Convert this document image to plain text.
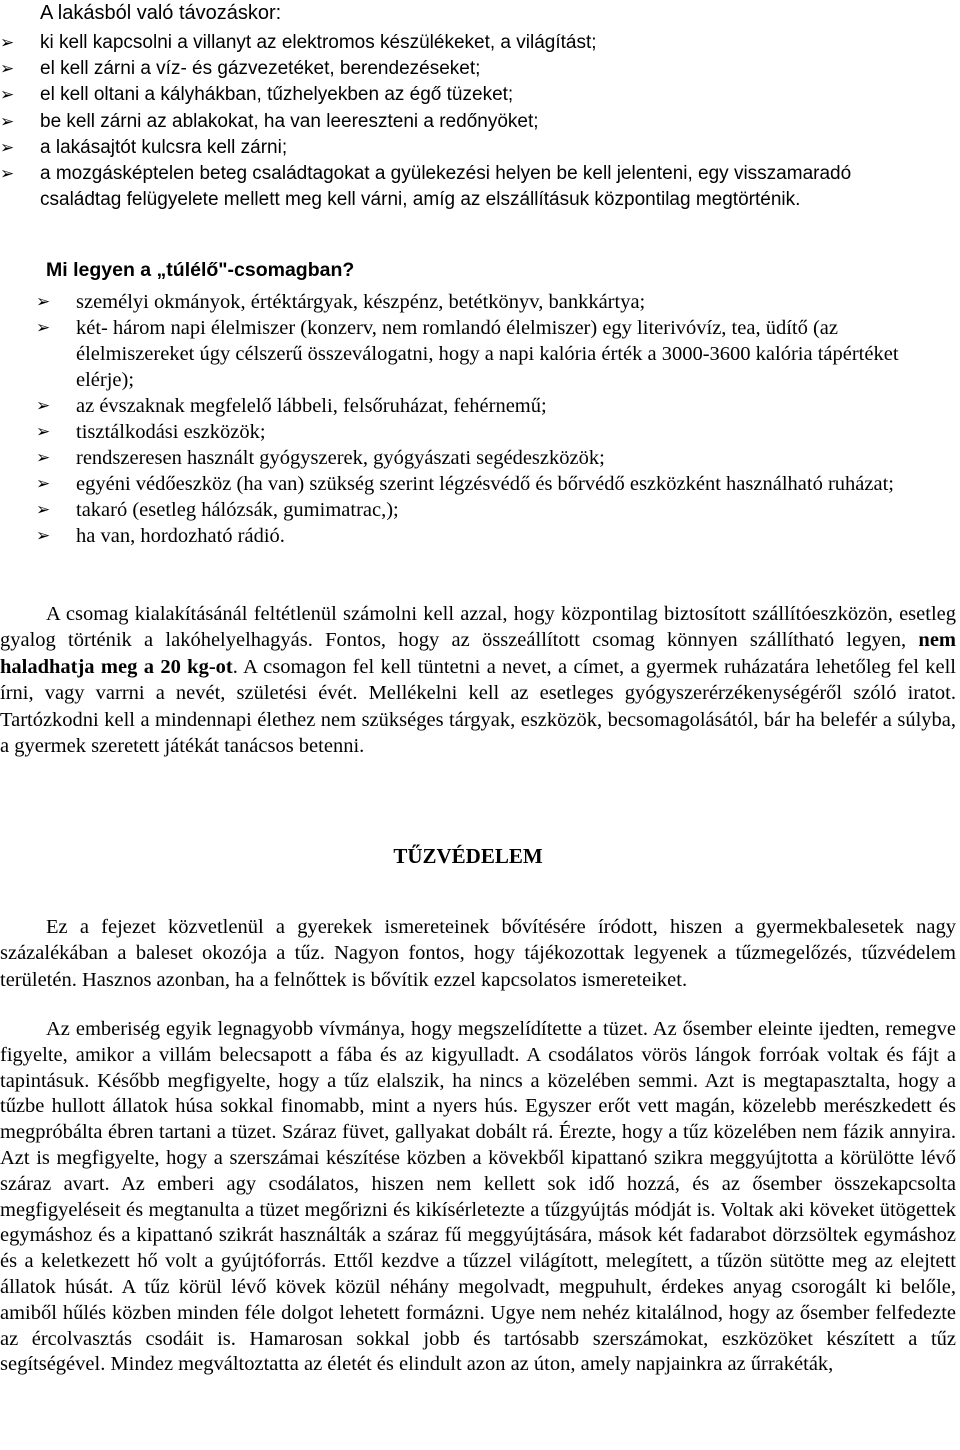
A lakásból való távozáskor:
➢ ki kell kapcsolni a villanyt az elektromos készülékeket, a világítást;
➢ el kell zárni a víz- és gázvezetéket, berendezéseket;
➢ el kell oltani a kályhákban, tűzhelyekben az égő tüzeket;
➢ be kell zárni az ablakokat, ha van leereszteni a redőnyöket;
➢ a lakásajtót kulcsra kell zárni;
➢ a mozgásképtelen beteg családtagokat a gyülekezési helyen be kell jelenteni, egy visszamaradó családtag felügyelete mellett meg kell várni, amíg az elszállításuk központilag megtörténik.
Mi legyen a „túlélő"-csomagban?
➢ személyi okmányok, értéktárgyak, készpénz, betétkönyv, bankkártya;
➢ két- három napi élelmiszer (konzerv, nem romlandó élelmiszer) egy literivóvíz, tea, üdítő (az élelmiszereket úgy célszerű összeválogatni, hogy a napi kalória érték a 3000-3600 kalória tápértéket elérje);
➢ az évszaknak megfelelő lábbeli, felsőruházat, fehérnemű;
➢ tisztálkodási eszközök;
➢ rendszeresen használt gyógyszerek, gyógyászati segédeszközök;
➢ egyéni védőeszköz (ha van) szükség szerint légzésvédő és bőrvédő eszközként használható ruházat;
➢ takaró (esetleg hálózsák, gumimatrac,);
➢ ha van, hordozható rádió.

A csomag kialakításánál feltétlenül számolni kell azzal, hogy központilag biztosított szállítóeszközön, esetleg gyalog történik a lakóhelyelhagyás. Fontos, hogy az összeállított csomag könnyen szállítható legyen, nem haladhatja meg a 20 kg-ot. A csomagon fel kell tüntetni a nevet, a címet, a gyermek ruházatára lehetőleg fel kell írni, vagy varrni a nevét, születési évét. Mellékelni kell az esetleges gyógyszerérzékenységéről szóló iratot. Tartózkodni kell a mindennapi élethez nem szükséges tárgyak, eszközök, becsomagolásától, bár ha belefér a súlyba, a gyermek szeretett játékát tanácsos betenni.

TŰZVÉDELEM

Ez a fejezet közvetlenül a gyerekek ismereteinek bővítésére íródott, hiszen a gyermekbalesetek nagy százalékában a baleset okozója a tűz. Nagyon fontos, hogy tájékozottak legyenek a tűzmegelőzés, tűzvédelem területén. Hasznos azonban, ha a felnőttek is bővítik ezzel kapcsolatos ismereteiket.

Az emberiség egyik legnagyobb vívmánya, hogy megszelídítette a tüzet. Az ősember eleinte ijedten, remegve figyelte, amikor a villám belecsapott a fába és az kigyulladt. A csodálatos vörös lángok forróak voltak és fájt a tapintásuk. Később megfigyelte, hogy a tűz elalszik, ha nincs a közelében semmi. Azt is megtapasztalta, hogy a tűzbe hullott állatok húsa sokkal finomabb, mint a nyers hús. Egyszer erőt vett magán, közelebb merészkedett és megpróbálta ébren tartani a tüzet. Száraz füvet, gallyakat dobált rá. Érezte, hogy a tűz közelében nem fázik annyira. Azt is megfigyelte, hogy a szerszámai készítése közben a kövekből kipattanó szikra meggyújtotta a körülötte lévő száraz avart. Az emberi agy csodálatos, hiszen nem kellett sok idő hozzá, és az ősember összekapcsolta megfigyeléseit és megtanulta a tüzet megőrizni és kikísérletezte a tűzgyújtás módját is. Voltak aki köveket ütögettek egymáshoz és a kipattanó szikrát használták a száraz fű meggyújtására, mások két fadarabot dörzsöltek egymáshoz és a keletkezett hő volt a gyújtóforrás. Ettől kezdve a tűzzel világított, melegített, a tűzön sütötte meg az elejtett állatok húsát. A tűz körül lévő kövek közül néhány megolvadt, megpuhult, érdekes anyag csorogált ki belőle, amiből hűlés közben minden féle dolgot lehetett formázni. Ugye nem nehéz kitalálnod, hogy az ősember felfedezte az ércolvasztás csodáit is. Hamarosan sokkal jobb és tartósabb szerszámokat, eszközöket készített a tűz segítségével. Mindez megváltoztatta az életét és elindult azon az úton, amely napjainkra az űrrakéták,
